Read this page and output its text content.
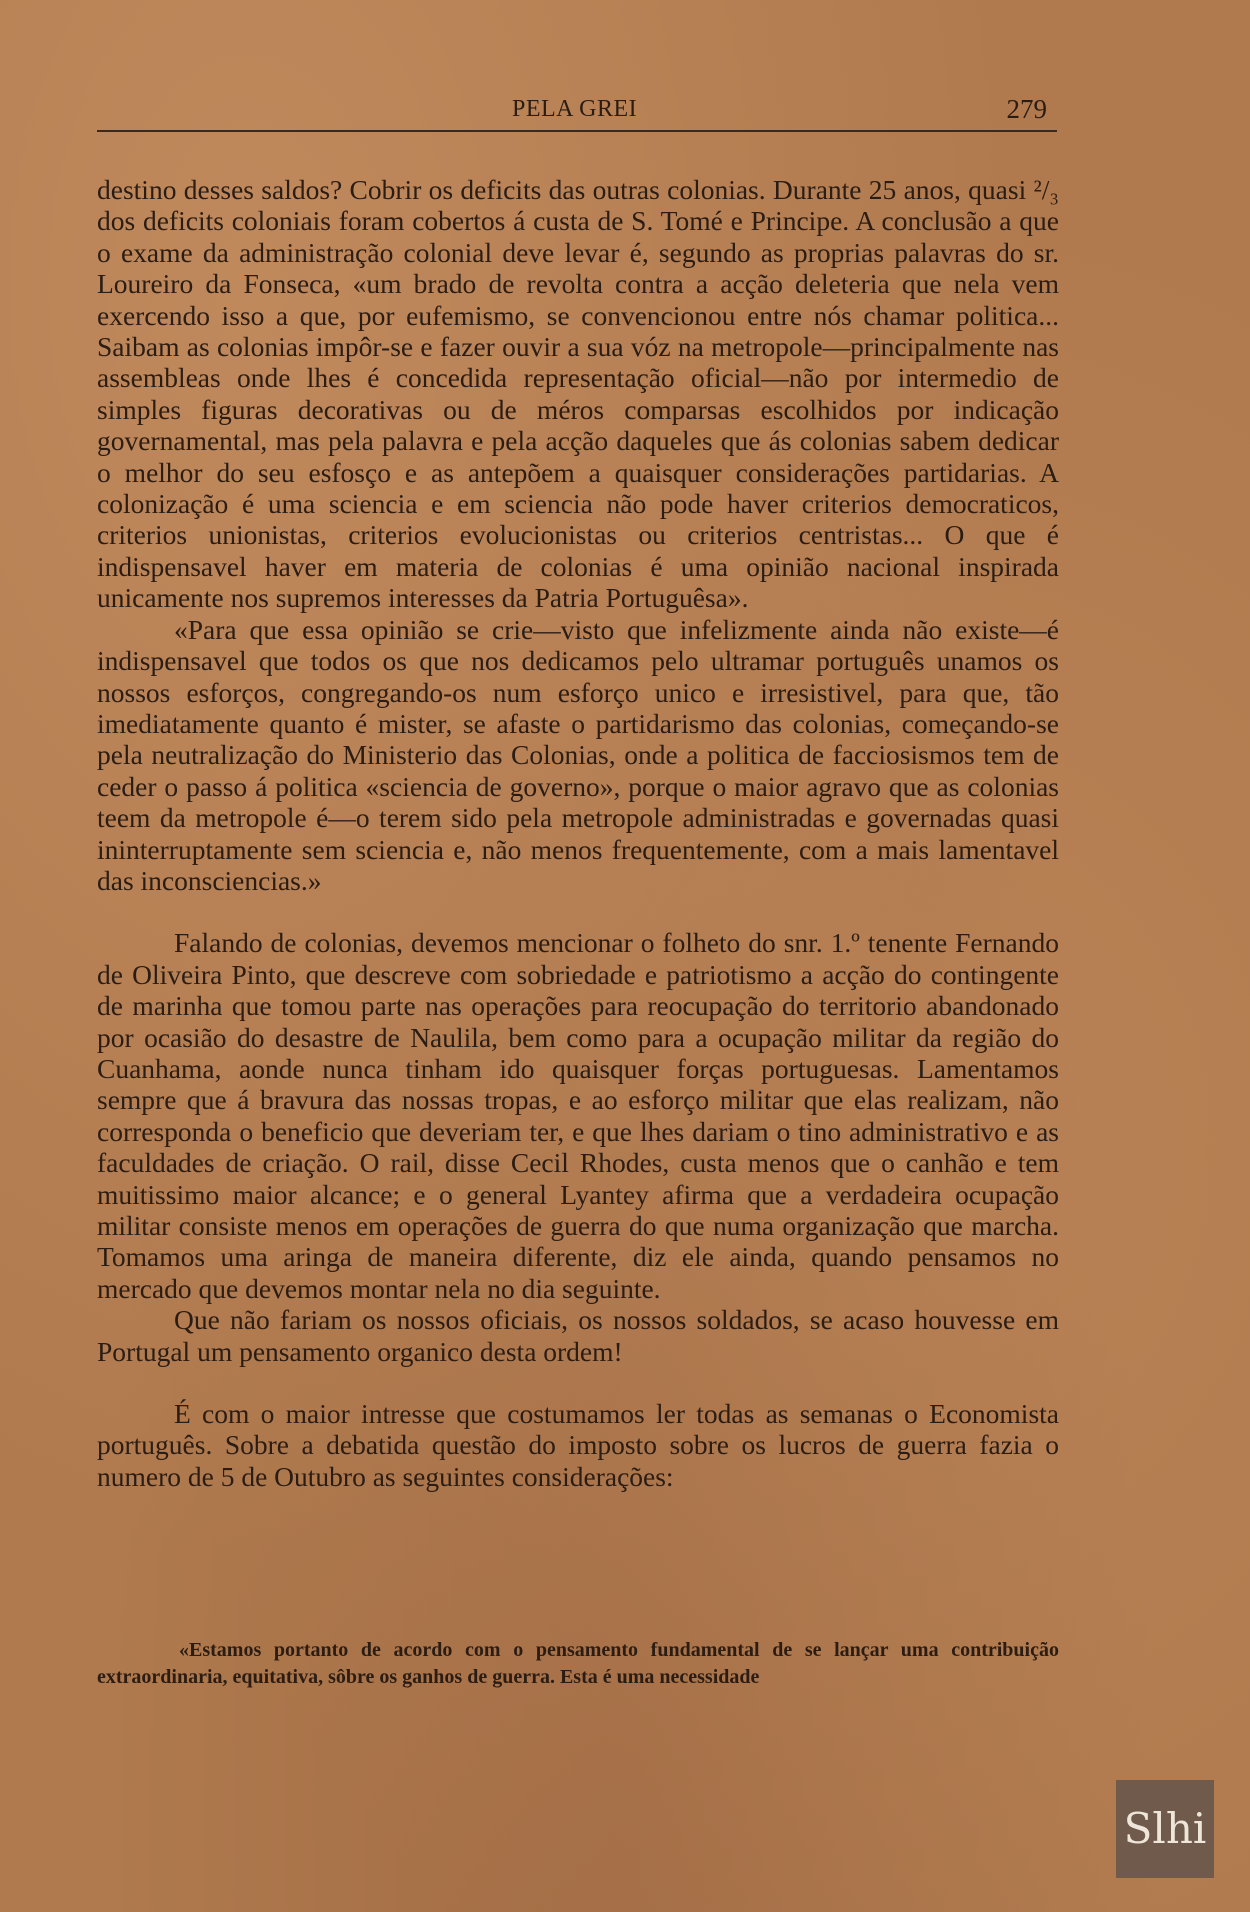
PELA GREI	279

destino desses saldos? Cobrir os deficits das outras colonias. Durante 25 anos, quasi ²/₃ dos deficits coloniais foram cobertos á custa de S. Tomé e Principe. A conclusão a que o exame da administração colonial deve levar é, segundo as proprias palavras do sr. Loureiro da Fonseca, «um brado de revolta contra a acção deleteria que nela vem exercendo isso a que, por eufemismo, se convencionou entre nós chamar politica... Saibam as colonias impôr-se e fazer ouvir a sua vóz na metropole—principalmente nas assembleas onde lhes é concedida representação oficial—não por intermedio de simples figuras decorativas ou de méros comparsas escolhidos por indicação governamental, mas pela palavra e pela acção daqueles que ás colonias sabem dedicar o melhor do seu esfosço e as antepõem a quaisquer considerações partidarias. A colonização é uma sciencia e em sciencia não pode haver criterios democraticos, criterios unionistas, criterios evolucionistas ou criterios centristas... O que é indispensavel haver em materia de colonias é uma opinião nacional inspirada unicamente nos supremos interesses da Patria Portuguêsa».

«Para que essa opinião se crie—visto que infelizmente ainda não existe—é indispensavel que todos os que nos dedicamos pelo ultramar português unamos os nossos esforços, congregando-os num esforço unico e irresistivel, para que, tão imediatamente quanto é mister, se afaste o partidarismo das colonias, começando-se pela neutralização do Ministerio das Colonias, onde a politica de facciosismos tem de ceder o passo á politica «sciencia de governo», porque o maior agravo que as colonias teem da metropole é—o terem sido pela metropole administradas e governadas quasi ininterruptamente sem sciencia e, não menos frequentemente, com a mais lamentavel das inconsciencias.»

Falando de colonias, devemos mencionar o folheto do snr. 1.º tenente Fernando de Oliveira Pinto, que descreve com sobriedade e patriotismo a acção do contingente de marinha que tomou parte nas operações para reocupação do territorio abandonado por ocasião do desastre de Naulila, bem como para a ocupação militar da região do Cuanhama, aonde nunca tinham ido quaisquer forças portuguesas. Lamentamos sempre que á bravura das nossas tropas, e ao esforço militar que elas realizam, não corresponda o beneficio que deveriam ter, e que lhes dariam o tino administrativo e as faculdades de criação. O rail, disse Cecil Rhodes, custa menos que o canhão e tem muitissimo maior alcance; e o general Lyantey afirma que a verdadeira ocupação militar consiste menos em operações de guerra do que numa organização que marcha. Tomamos uma aringa de maneira diferente, diz ele ainda, quando pensamos no mercado que devemos montar nela no dia seguinte.

Que não fariam os nossos oficiais, os nossos soldados, se acaso houvesse em Portugal um pensamento organico desta ordem!

É com o maior intresse que costumamos ler todas as semanas o Economista português. Sobre a debatida questão do imposto sobre os lucros de guerra fazia o numero de 5 de Outubro as seguintes considerações:

«Estamos portanto de acordo com o pensamento fundamental de se lançar uma contribuição extraordinaria, equitativa, sôbre os ganhos de guerra. Esta é uma necessidade

Slhi
